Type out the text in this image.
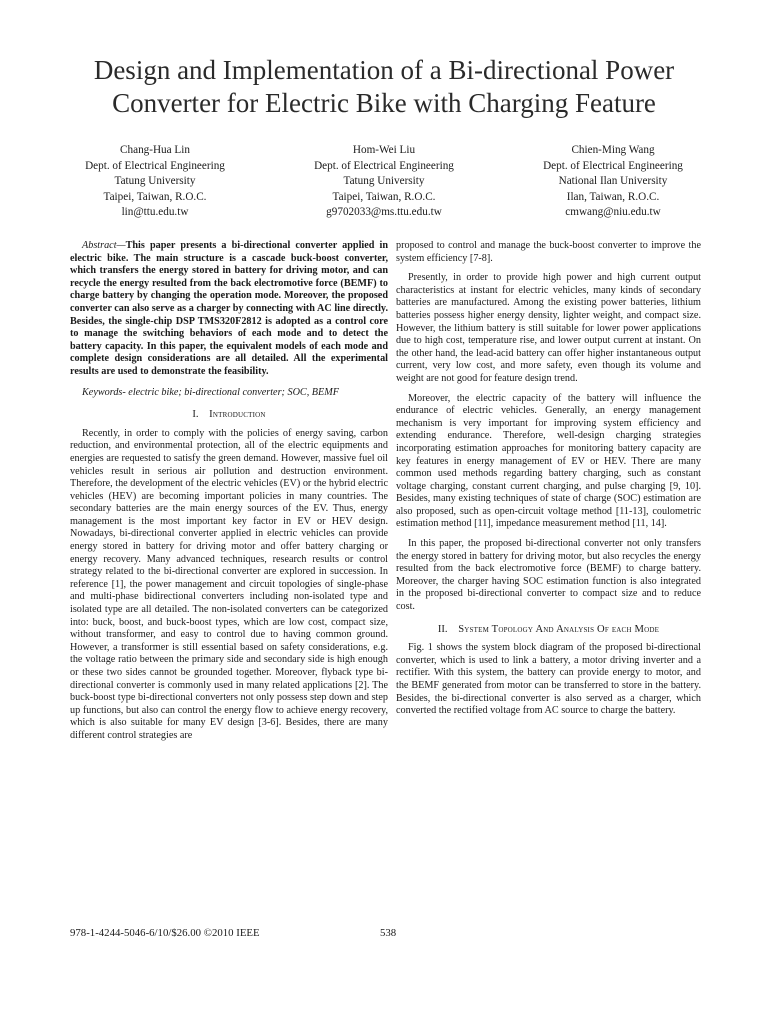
Design and Implementation of a Bi-directional Power Converter for Electric Bike with Charging Feature
Chang-Hua Lin
Dept. of Electrical Engineering
Tatung University
Taipei, Taiwan, R.O.C.
lin@ttu.edu.tw
Hom-Wei Liu
Dept. of Electrical Engineering
Tatung University
Taipei, Taiwan, R.O.C.
g9702033@ms.ttu.edu.tw
Chien-Ming Wang
Dept. of Electrical Engineering
National Ilan University
Ilan, Taiwan, R.O.C.
cmwang@niu.edu.tw

Abstract—This paper presents a bi-directional converter applied in electric bike. The main structure is a cascade buck-boost converter, which transfers the energy stored in battery for driving motor, and can recycle the energy resulted from the back electromotive force (BEMF) to charge battery by changing the operation mode. Moreover, the proposed converter can also serve as a charger by connecting with AC line directly. Besides, the single-chip DSP TMS320F2812 is adopted as a control core to manage the switching behaviors of each mode and to detect the battery capacity. In this paper, the equivalent models of each mode and complete design considerations are all detailed. All the experimental results are used to demonstrate the feasibility.

Keywords- electric bike; bi-directional converter; SOC, BEMF

I. Introduction

Recently, in order to comply with the policies of energy saving, carbon reduction, and environmental protection, all of the electric equipments and energies are requested to satisfy the green demand. However, massive fuel oil vehicles result in serious air pollution and destruction environment. Therefore, the development of the electric vehicles (EV) or the hybrid electric vehicles (HEV) are becoming important policies in many countries. The secondary batteries are the main energy sources of the EV. Thus, energy management is the most important key factor in EV or HEV design. Nowadays, bi-directional converter applied in electric vehicles can provide energy stored in battery for driving motor and offer battery charging or energy recovery. Many advanced techniques, research results or control strategy related to the bi-directional converter are explored in succession. In reference [1], the power management and circuit topologies of single-phase and multi-phase bidirectional converters including non-isolated type and isolated type are all detailed. The non-isolated converters can be categorized into: buck, boost, and buck-boost types, which are low cost, compact size, without transformer, and easy to control due to having common ground. However, a transformer is still essential based on safety considerations, e.g. the voltage ratio between the primary side and secondary side is high enough or these two sides cannot be grounded together. Moreover, flyback type bi-directional converter is commonly used in many related applications [2]. The buck-boost type bi-directional converters not only possess step down and step up functions, but also can control the energy flow to achieve energy recovery, which is also suitable for many EV design [3-6]. Besides, there are many different control strategies are

proposed to control and manage the buck-boost converter to improve the system efficiency [7-8].

Presently, in order to provide high power and high current output characteristics at instant for electric vehicles, many kinds of secondary batteries are manufactured. Among the existing power batteries, lithium batteries possess higher energy density, lighter weight, and compact size. However, the lithium battery is still suitable for lower power applications due to high cost, temperature rise, and lower output current at instant. On the other hand, the lead-acid battery can offer higher instantaneous output current, very low cost, and more safety, even though its volume and weight are not good for feature design trend.

Moreover, the electric capacity of the battery will influence the endurance of electric vehicles. Generally, an energy management mechanism is very important for improving system efficiency and extending endurance. Therefore, well-design charging strategies incorporating estimation approaches for monitoring battery capacity are key features in energy management of EV or HEV. There are many common used methods regarding battery charging, such as constant voltage charging, constant current charging, and pulse charging [9, 10]. Besides, many existing techniques of state of charge (SOC) estimation are also proposed, such as open-circuit voltage method [11-13], coulometric estimation method [11], impedance measurement method [11, 14].

In this paper, the proposed bi-directional converter not only transfers the energy stored in battery for driving motor, but also recycles the energy resulted from the back electromotive force (BEMF) to charge battery. Moreover, the charger having SOC estimation function is also integrated in the proposed bi-directional converter to compact size and to reduce cost.

II. System Topology And Analysis Of each Mode

Fig. 1 shows the system block diagram of the proposed bi-directional converter, which is used to link a battery, a motor driving inverter and a rectifier. With this system, the battery can provide energy to motor, and the BEMF generated from motor can be transferred to store in the battery. Besides, the bi-directional converter is also served as a charger, which converted the rectified voltage from AC source to charge the battery.

978-1-4244-5046-6/10/$26.00 ©2010 IEEE	538
